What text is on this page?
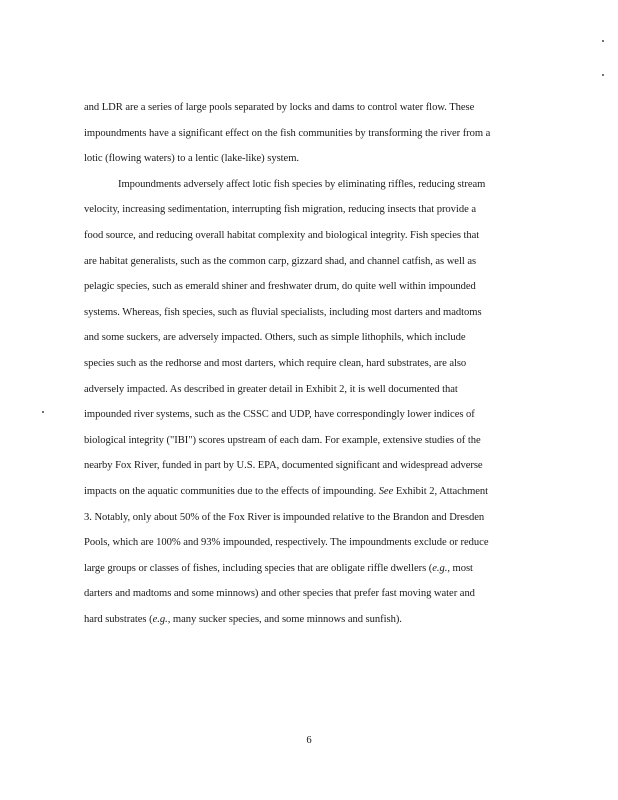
and LDR are a series of large pools separated by locks and dams to control water flow. These
impoundments have a significant effect on the fish communities by transforming the river from a
lotic (flowing waters) to a lentic (lake-like) system.
Impoundments adversely affect lotic fish species by eliminating riffles, reducing stream
velocity, increasing sedimentation, interrupting fish migration, reducing insects that provide a
food source, and reducing overall habitat complexity and biological integrity. Fish species that
are habitat generalists, such as the common carp, gizzard shad, and channel catfish, as well as
pelagic species, such as emerald shiner and freshwater drum, do quite well within impounded
systems. Whereas, fish species, such as fluvial specialists, including most darters and madtoms
and some suckers, are adversely impacted. Others, such as simple lithophils, which include
species such as the redhorse and most darters, which require clean, hard substrates, are also
adversely impacted. As described in greater detail in Exhibit 2, it is well documented that
impounded river systems, such as the CSSC and UDP, have correspondingly lower indices of
biological integrity ("IBI") scores upstream of each dam. For example, extensive studies of the
nearby Fox River, funded in part by U.S. EPA, documented significant and widespread adverse
impacts on the aquatic communities due to the effects of impounding. See Exhibit 2, Attachment
3. Notably, only about 50% of the Fox River is impounded relative to the Brandon and Dresden
Pools, which are 100% and 93% impounded, respectively. The impoundments exclude or reduce
large groups or classes of fishes, including species that are obligate riffle dwellers (e.g., most
darters and madtoms and some minnows) and other species that prefer fast moving water and
hard substrates (e.g., many sucker species, and some minnows and sunfish).
6
